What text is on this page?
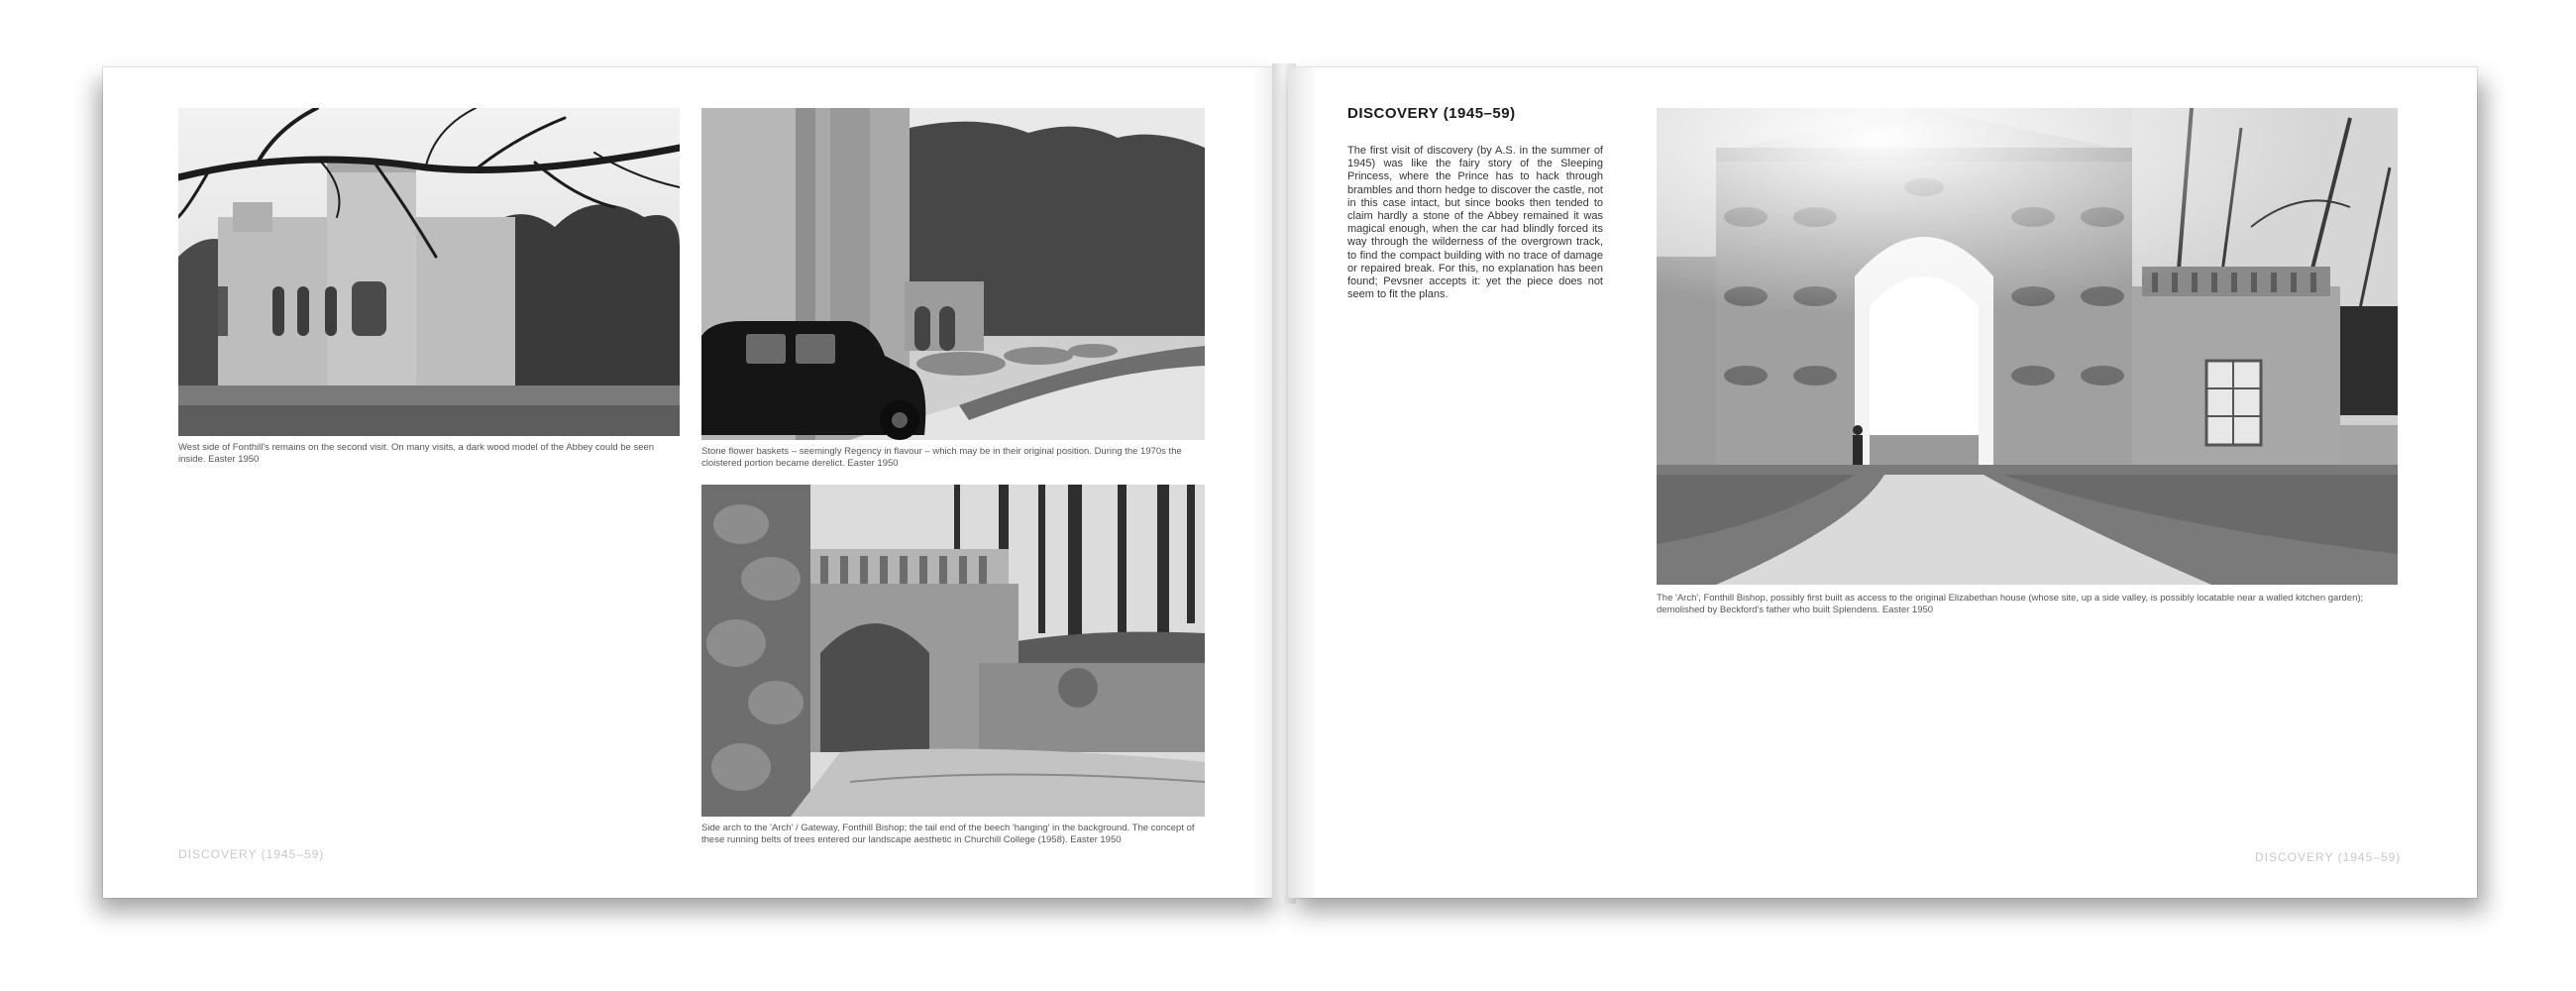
West side of Fonthill's remains on the second visit. On many visits, a dark wood model of the Abbey could be seen inside. Easter 1950
Stone flower baskets – seemingly Regency in flavour – which may be in their original position. During the 1970s the cloistered portion became derelict. Easter 1950
Side arch to the 'Arch' / Gateway, Fonthill Bishop; the tail end of the beech 'hanging' in the background. The concept of these running belts of trees entered our landscape aesthetic in Churchill College (1958). Easter 1950
DISCOVERY (1945–59)
DISCOVERY (1945–59)
The first visit of discovery (by A.S. in the summer of 1945) was like the fairy story of the Sleeping Princess, where the Prince has to hack through brambles and thorn hedge to discover the castle, not in this case intact, but since books then tended to claim hardly a stone of the Abbey remained it was magical enough, when the car had blindly forced its way through the wilderness of the overgrown track, to find the compact building with no trace of damage or repaired break. For this, no explanation has been found; Pevsner accepts it: yet the piece does not seem to fit the plans.
The 'Arch', Fonthill Bishop, possibly first built as access to the original Elizabethan house (whose site, up a side valley, is possibly locatable near a walled kitchen garden); demolished by Beckford's father who built Splendens. Easter 1950
DISCOVERY (1945–59)
